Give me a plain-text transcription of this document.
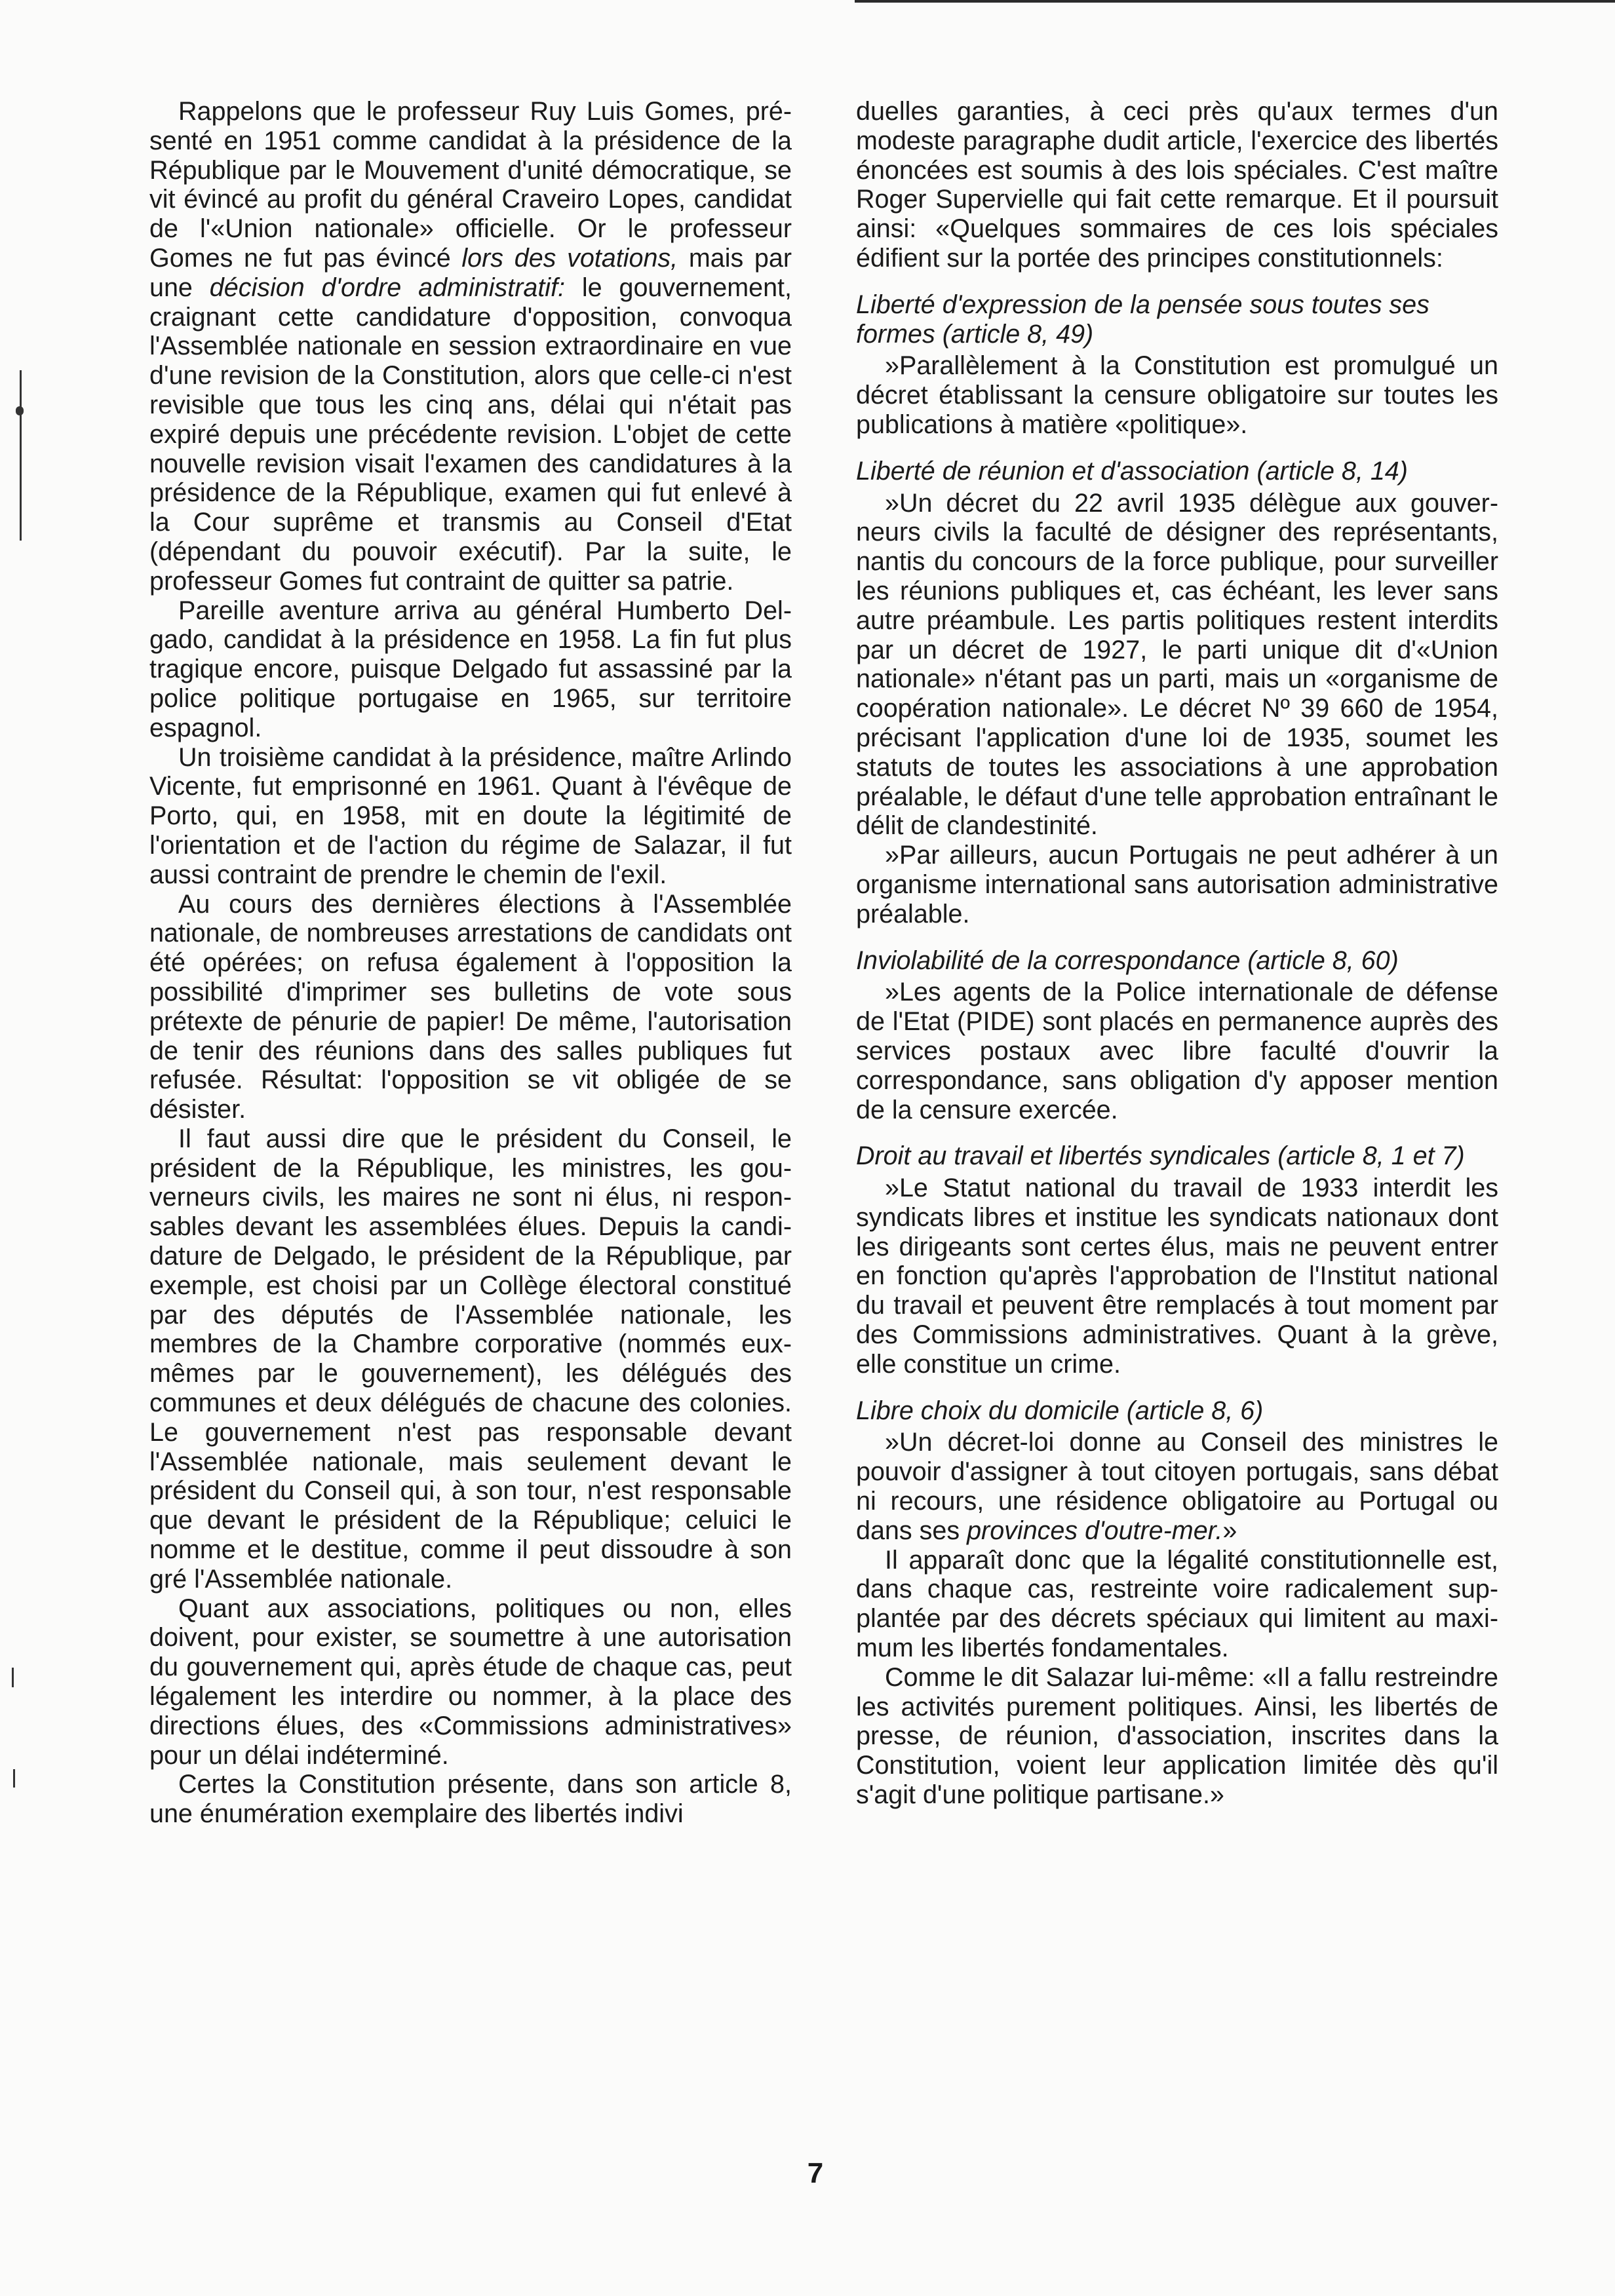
Rappelons que le professeur Ruy Luis Gomes, présenté en 1951 comme candidat à la présidence de la République par le Mouvement d'unité démocratique, se vit évincé au profit du général Craveiro Lopes, candidat de l'«Union nationale» officielle. Or le professeur Gomes ne fut pas évincé lors des votations, mais par une décision d'ordre administratif: le gouvernement, craignant cette candidature d'opposition, convoqua l'Assemblée nationale en session extraordinaire en vue d'une revision de la Constitution, alors que celle-ci n'est revisible que tous les cinq ans, délai qui n'était pas expiré depuis une précédente revision. L'objet de cette nouvelle revision visait l'examen des candidatures à la présidence de la République, examen qui fut enlevé à la Cour suprême et transmis au Conseil d'Etat (dépendant du pouvoir exécutif). Par la suite, le professeur Gomes fut contraint de quitter sa patrie.

Pareille aventure arriva au général Humberto Delgado, candidat à la présidence en 1958. La fin fut plus tragique encore, puisque Delgado fut assassiné par la police politique portugaise en 1965, sur territoire espagnol.

Un troisième candidat à la présidence, maître Arlindo Vicente, fut emprisonné en 1961. Quant à l'évêque de Porto, qui, en 1958, mit en doute la légitimité de l'orientation et de l'action du régime de Salazar, il fut aussi contraint de prendre le chemin de l'exil.

Au cours des dernières élections à l'Assemblée nationale, de nombreuses arrestations de candidats ont été opérées; on refusa également à l'opposition la possibilité d'imprimer ses bulletins de vote sous prétexte de pénurie de papier! De même, l'autorisation de tenir des réunions dans des salles publiques fut refusée. Résultat: l'opposition se vit obligée de se désister.

Il faut aussi dire que le président du Conseil, le président de la République, les ministres, les gouverneurs civils, les maires ne sont ni élus, ni responsables devant les assemblées élues. Depuis la candidature de Delgado, le président de la République, par exemple, est choisi par un Collège électoral constitué par des députés de l'Assemblée nationale, les membres de la Chambre corporative (nommés eux-mêmes par le gouvernement), les délégués des communes et deux délégués de chacune des colonies. Le gouvernement n'est pas responsable devant l'Assemblée nationale, mais seulement devant le président du Conseil qui, à son tour, n'est responsable que devant le président de la République; celuici le nomme et le destitue, comme il peut dissoudre à son gré l'Assemblée nationale.

Quant aux associations, politiques ou non, elles doivent, pour exister, se soumettre à une autorisation du gouvernement qui, après étude de chaque cas, peut légalement les interdire ou nommer, à la place des directions élues, des «Commissions administratives» pour un délai indéterminé.

Certes la Constitution présente, dans son article 8, une énumération exemplaire des libertés indivi

duelles garanties, à ceci près qu'aux termes d'un modeste paragraphe dudit article, l'exercice des libertés énoncées est soumis à des lois spéciales. C'est maître Roger Supervielle qui fait cette remarque. Et il poursuit ainsi: «Quelques sommaires de ces lois spéciales édifient sur la portée des principes constitutionnels:

Liberté d'expression de la pensée sous toutes ses formes (article 8, 49)

»Parallèlement à la Constitution est promulgué un décret établissant la censure obligatoire sur toutes les publications à matière «politique».

Liberté de réunion et d'association (article 8, 14)

»Un décret du 22 avril 1935 délègue aux gouverneurs civils la faculté de désigner des représentants, nantis du concours de la force publique, pour surveiller les réunions publiques et, cas échéant, les lever sans autre préambule. Les partis politiques restent interdits par un décret de 1927, le parti unique dit d'«Union nationale» n'étant pas un parti, mais un «organisme de coopération nationale». Le décret Nº 39 660 de 1954, précisant l'application d'une loi de 1935, soumet les statuts de toutes les associations à une approbation préalable, le défaut d'une telle approbation entraînant le délit de clandestinité.

»Par ailleurs, aucun Portugais ne peut adhérer à un organisme international sans autorisation administrative préalable.

Inviolabilité de la correspondance (article 8, 60)

»Les agents de la Police internationale de défense de l'Etat (PIDE) sont placés en permanence auprès des services postaux avec libre faculté d'ouvrir la correspondance, sans obligation d'y apposer mention de la censure exercée.

Droit au travail et libertés syndicales (article 8, 1 et 7)

»Le Statut national du travail de 1933 interdit les syndicats libres et institue les syndicats nationaux dont les dirigeants sont certes élus, mais ne peuvent entrer en fonction qu'après l'approbation de l'Institut national du travail et peuvent être remplacés à tout moment par des Commissions administratives. Quant à la grève, elle constitue un crime.

Libre choix du domicile (article 8, 6)

»Un décret-loi donne au Conseil des ministres le pouvoir d'assigner à tout citoyen portugais, sans débat ni recours, une résidence obligatoire au Portugal ou dans ses provinces d'outre-mer.»

Il apparaît donc que la légalité constitutionnelle est, dans chaque cas, restreinte voire radicalement supplantée par des décrets spéciaux qui limitent au maximum les libertés fondamentales.

Comme le dit Salazar lui-même: «Il a fallu restreindre les activités purement politiques. Ainsi, les libertés de presse, de réunion, d'association, inscrites dans la Constitution, voient leur application limitée dès qu'il s'agit d'une politique partisane.»

7
